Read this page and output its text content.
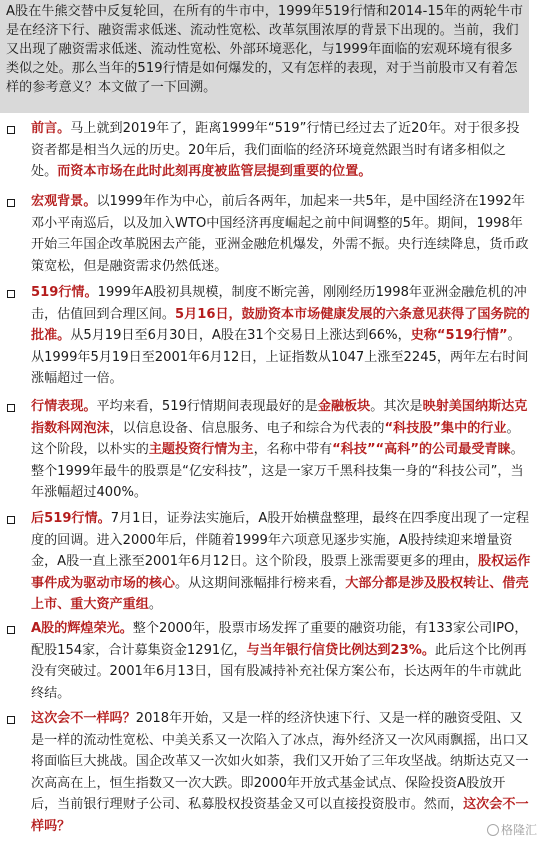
A股在牛熊交替中反复轮回，在所有的牛市中，1999年519行情和2014-15年的两轮牛市是在经济下行、融资需求低迷、流动性宽松、改革氛围浓厚的背景下出现的。当前，我们又出现了融资需求低迷、流动性宽松、外部环境恶化，与1999年面临的宏观环境有很多类似之处。那么当年的519行情是如何爆发的，又有怎样的表现，对于当前股市又有着怎样的参考意义？本文做了一下回溯。
前言。马上就到2019年了，距离1999年“519”行情已经过去了近20年。对于很多投资者都是相当久远的历史。20年后，我们面临的经济环境竟然跟当时有诸多相似之处。而资本市场在此时此刻再度被监管层提到重要的位置。
宏观背景。以1999年作为中心，前后各两年，加起来一共5年，是中国经济在1992年邓小平南巡后，以及加入WTO中国经济再度崛起之前中间调整的5年。期间，1998年开始三年国企改革脱困去产能，亚洲金融危机爆发，外需不振。央行连续降息，货币政策宽松，但是融资需求仍然低迷。
519行情。1999年A股初具规模，制度不断完善，刚刚经历1998年亚洲金融危机的冲击，估值回到合理区间。5月16日，鼓励资本市场健康发展的六条意见获得了国务院的批准。从5月19日至6月30日，A股在31个交易日上涨达到66%，史称“519行情”。从1999年5月19日至2001年6月12日，上证指数从1047上涨至2245，两年左右时间涨幅超过一倍。
行情表现。平均来看，519行情期间表现最好的是金融板块。其次是映射美国纳斯达克指数科网泡沫，以信息设备、信息服务、电子和综合为代表的“科技股”集中的行业。这个阶段，以朴实的主题投资行情为主，名称中带有“科技”“高科”的公司最受青睐。整个1999年最牛的股票是“亿安科技”，这是一家万千黑科技集一身的“科技公司”，当年涨幅超过400%。
后519行情。7月1日，证券法实施后，A股开始横盘整理，最终在四季度出现了一定程度的回调。进入2000年后，伴随着1999年六项意见逐步实施，A股持续迎来增量资金，A股一直上涨至2001年6月12日。这个阶段，股票上涨需要更多的理由，股权运作事件成为驱动市场的核心。从这期间涨幅排行榜来看，大部分都是涉及股权转让、借壳上市、重大资产重组。
A股的辉煌荣光。整个2000年，股票市场发挥了重要的融资功能，有133家公司IPO，配股154家，合计募集资金1291亿，与当年银行信贷比例达到23%。此后这个比例再没有突破过。2001年6月13日，国有股减持补充社保方案公布，长达两年的牛市就此终结。
这次会不一样吗？2018年开始，又是一样的经济快速下行、又是一样的融资受阻、又是一样的流动性宽松、中美关系又一次陷入了冰点，海外经济又一次风雨飘摇，出口又将面临巨大挑战。国企改革又一次如火如荼，我们又开始了三年攻坚战。纳斯达克又一次高高在上，恒生指数又一次大跌。即2000年开放式基金试点、保险投资A股放开后，当前银行理财子公司、私募股权投资基金又可以直接投资股市。然而，这次会不一样吗？	格隆汇
